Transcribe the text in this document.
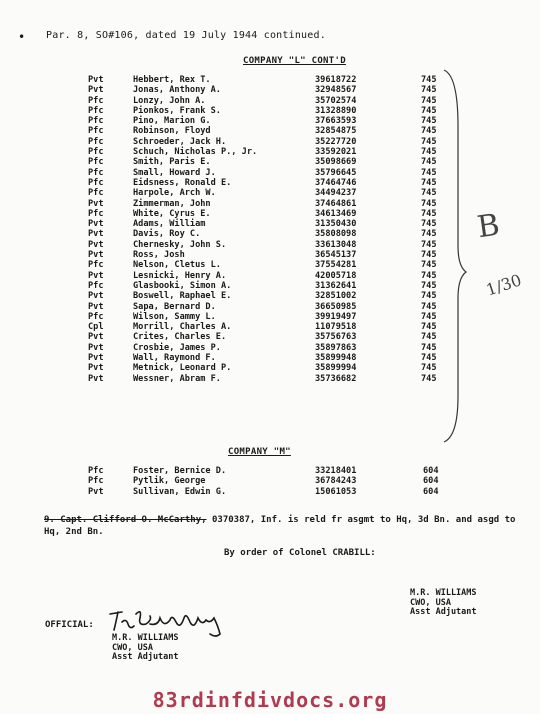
• Par. 8, SO#106, dated 19 July 1944 continued.
COMPANY "L" CONT'D
Pvt	Hebbert, Rex T.	39618722	745
Pvt	Jonas, Anthony A.	32948567	745
Pfc	Lonzy, John A.	35702574	745
Pfc	Pionkos, Frank S.	31328890	745
Pfc	Pino, Marion G.	37663593	745
Pfc	Robinson, Floyd	32854875	745
Pfc	Schroeder, Jack H.	35227720	745
Pfc	Schuch, Nicholas P., Jr.	33592021	745
Pfc	Smith, Paris E.	35098669	745
Pfc	Small, Howard J.	35796645	745
Pfc	Eidsness, Ronald E.	37464746	745
Pfc	Harpole, Arch W.	34494237	745
Pvt	Zimmerman, John	37464861	745
Pfc	White, Cyrus E.	34613469	745
Pvt	Adams, William	31350430	745
Pvt	Davis, Roy C.	35808098	745
Pvt	Chernesky, John S.	33613048	745
Pvt	Ross, Josh	36545137	745
Pfc	Nelson, Cletus L.	37554281	745
Pvt	Lesnicki, Henry A.	42005718	745
Pfc	Glasbooki, Simon A.	31362641	745
Pvt	Boswell, Raphael E.	32851002	745
Pvt	Sapa, Bernard D.	36650985	745
Pfc	Wilson, Sammy L.	39919497	745
Cpl	Morrill, Charles A.	11079518	745
Pvt	Crites, Charles E.	35756763	745
Pvt	Crosbie, James P.	35897863	745
Pvt	Wall, Raymond F.	35899948	745
Pvt	Metnick, Leonard P.	35899994	745
Pvt	Wessner, Abram F.	35736682	745
COMPANY "M"
Pfc	Foster, Bernice D.	33218401	604
Pfc	Pytlik, George	36784243	604
Pvt	Sullivan, Edwin G.	15061053	604
9. Capt. Clifford O. McCarthy, 0370387, Inf. is reld fr asgmt to Hq, 3d Bn. and asgd to Hq, 2nd Bn.
By order of Colonel CRABILL:
M.R. WILLIAMS
CWO, USA
Asst Adjutant
OFFICIAL:
M.R. WILLIAMS
CWO, USA
Asst Adjutant
B
1/30
83rdinfdivdocs.org
